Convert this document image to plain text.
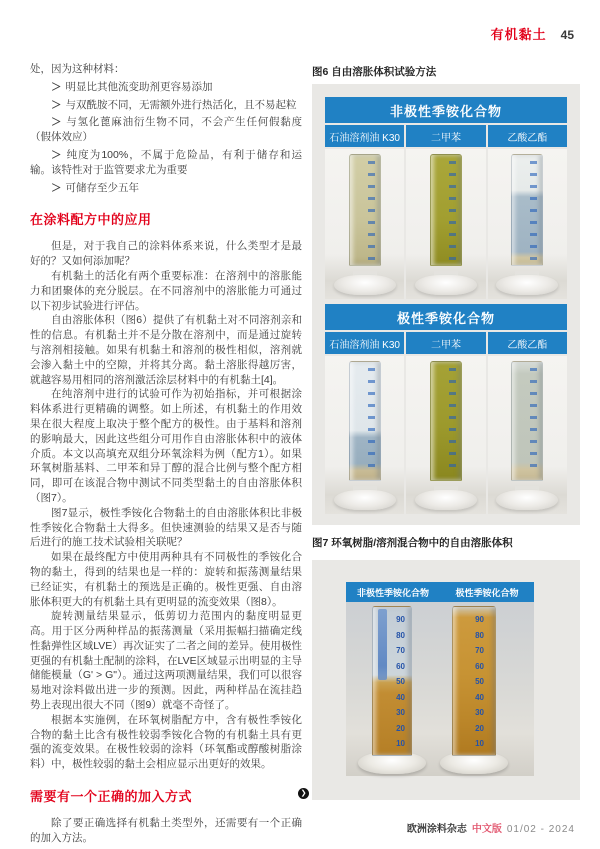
有机黏土 45

处，因为这种材料：

＞ 明显比其他流变助剂更容易添加

＞ 与双酰胺不同，无需额外进行热活化，且不易起粒

＞ 与氢化蓖麻油衍生物不同，不会产生任何假黏度（假体效应）

＞ 纯度为100%，不属于危险品，有利于储存和运输。该特性对于监管要求尤为重要

＞ 可储存至少五年

在涂料配方中的应用

但是，对于我自己的涂料体系来说，什么类型才是最好的？又如何添加呢？

有机黏土的活化有两个重要标准：在溶剂中的溶胀能力和团聚体的充分脱层。在不同溶剂中的溶胀能力可通过以下初步试验进行评估。

自由溶胀体积（图6）提供了有机黏土对不同溶剂亲和性的信息。有机黏土并不是分散在溶剂中，而是通过旋转与溶剂相接触。如果有机黏土和溶剂的极性相似，溶剂就会渗入黏土中的空隙，并将其分离。黏土溶胀得越厉害，就越容易用相同的溶剂激活涂层材料中的有机黏土[4]。

在纯溶剂中进行的试验可作为初始指标，并可根据涂料体系进行更精确的调整。如上所述，有机黏土的作用效果在很大程度上取决于整个配方的极性。由于基料和溶剂的影响最大，因此这些组分可用作自由溶胀体积中的液体介质。本文以高填充双组分环氧涂料为例（配方1）。如果环氧树脂基料、二甲苯和异丁醇的混合比例与整个配方相同，即可在该混合物中测试不同类型黏土的自由溶胀体积（图7）。

图7显示，极性季铵化合物黏土的自由溶胀体积比非极性季铵化合物黏土大得多。但快速测验的结果又是否与随后进行的施工技术试验相关联呢？

如果在最终配方中使用两种具有不同极性的季铵化合物的黏土，得到的结果也是一样的：旋转和振荡测量结果已经证实，有机黏土的预选是正确的。极性更强、自由溶胀体积更大的有机黏土具有更明显的流变效果（图8）。

旋转测量结果显示，低剪切力范围内的黏度明显更高。用于区分两种样品的振荡测量（采用振幅扫描确定线性黏弹性区域LVE）再次证实了二者之间的差异。使用极性更强的有机黏土配制的涂料，在LVE区域显示出明显的主导储能模量（G' > G"）。通过这两项测量结果，我们可以很容易地对涂料做出进一步的预测。因此，两种样品在流挂趋势上表现出很大不同（图9）就毫不奇怪了。

根据本实施例，在环氧树脂配方中，含有极性季铵化合物的黏土比含有极性较弱季铵化合物的有机黏土具有更强的流变效果。在极性较弱的涂料（环氧酯或醇酸树脂涂料）中，极性较弱的黏土会相应显示出更好的效果。

需要有一个正确的加入方式

除了要正确选择有机黏土类型外，还需要有一个正确的加入方法。

❯
图6 自由溶胀体积试验方法
非极性季铵化合物
石油溶剂油 K30	二甲苯	乙酸乙酯
极性季铵化合物
石油溶剂油 K30	二甲苯	乙酸乙酯
图7 环氧树脂/溶剂混合物中的自由溶胀体积
非极性季铵化合物	极性季铵化合物
90
80
70
60
50
40
30
20
10
90
80
70
60
50
40
30
20
10
欧洲涂料杂志 中文版 01/02 - 2024
